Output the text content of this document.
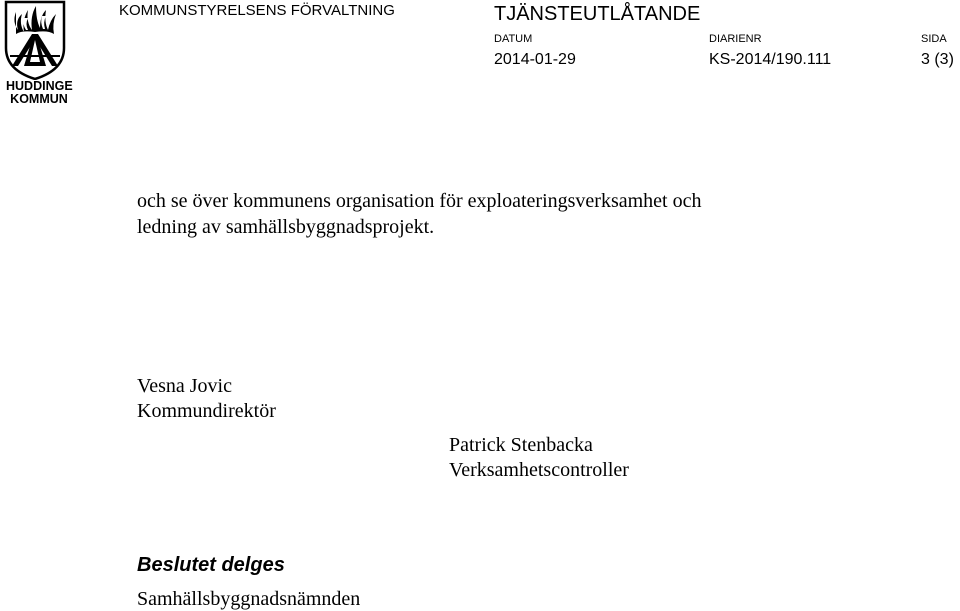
HUDDINGE
KOMMUN
KOMMUNSTYRELSENS FÖRVALTNING	TJÄNSTEUTLÅTANDE
DATUM
2014-01-29
DIARIENR
KS-2014/190.111
SIDA
3 (3)

och se över kommunens organisation för exploateringsverksamhet och

ledning av samhällsbyggnadsprojekt.

Vesna Jovic
Kommundirektör
Patrick Stenbacka
Verksamhetscontroller
Beslutet delges
Samhällsbyggnadsnämnden
